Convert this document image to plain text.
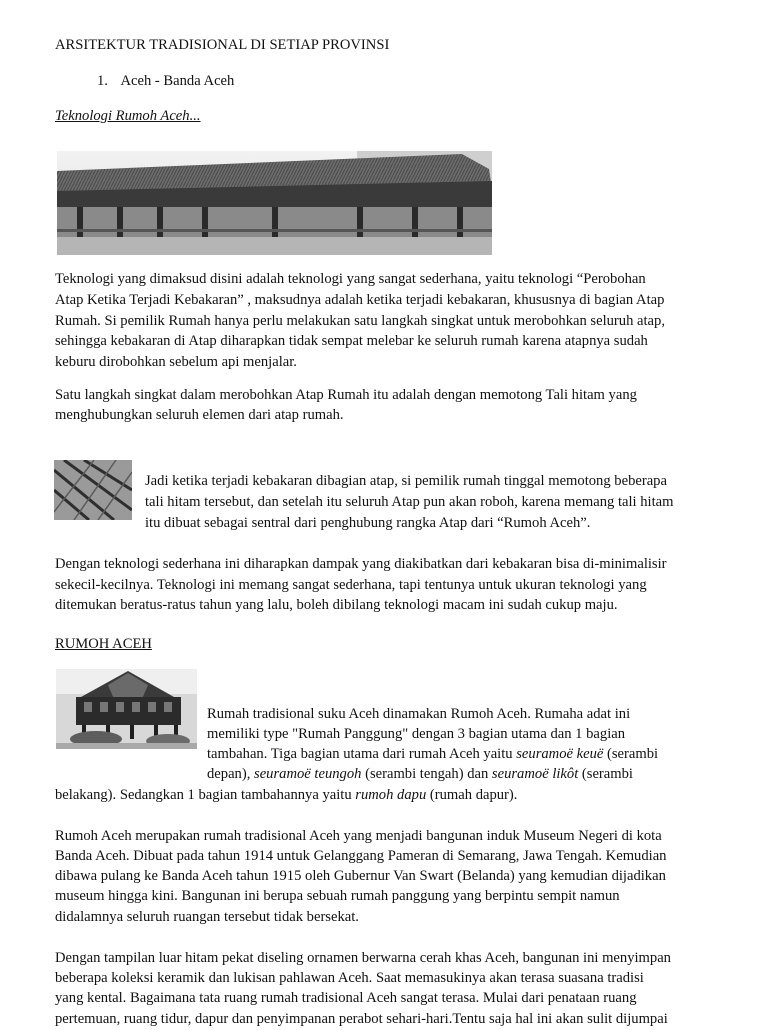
ARSITEKTUR TRADISIONAL DI SETIAP PROVINSI
1. Aceh - Banda Aceh
Teknologi Rumoh Aceh...
Teknologi yang dimaksud disini adalah teknologi yang sangat sederhana, yaitu teknologi “Perobohan
Atap Ketika Terjadi Kebakaran” , maksudnya adalah ketika terjadi kebakaran, khususnya di bagian Atap
Rumah. Si pemilik Rumah hanya perlu melakukan satu langkah singkat untuk merobohkan seluruh atap,
sehingga kebakaran di Atap diharapkan tidak sempat melebar ke seluruh rumah karena atapnya sudah
keburu dirobohkan sebelum api menjalar.
Satu langkah singkat dalam merobohkan Atap Rumah itu adalah dengan memotong Tali hitam yang
menghubungkan seluruh elemen dari atap rumah.
Jadi ketika terjadi kebakaran dibagian atap, si pemilik rumah tinggal memotong beberapa
tali hitam tersebut, dan setelah itu seluruh Atap pun akan roboh, karena memang tali hitam
itu dibuat sebagai sentral dari penghubung rangka Atap dari “Rumoh Aceh”.
Dengan teknologi sederhana ini diharapkan dampak yang diakibatkan dari kebakaran bisa di-minimalisir
sekecil-kecilnya. Teknologi ini memang sangat sederhana, tapi tentunya untuk ukuran teknologi yang
ditemukan beratus-ratus tahun yang lalu, boleh dibilang teknologi macam ini sudah cukup maju.
RUMOH ACEH
Rumah tradisional suku Aceh dinamakan Rumoh Aceh. Rumaha adat ini
memiliki type "Rumah Panggung" dengan 3 bagian utama dan 1 bagian
tambahan. Tiga bagian utama dari rumah Aceh yaitu seuramoë keuë (serambi
depan), seuramoë teungoh (serambi tengah) dan seuramoë likôt (serambi
belakang). Sedangkan 1 bagian tambahannya yaitu rumoh dapu (rumah dapur).
Rumoh Aceh merupakan rumah tradisional Aceh yang menjadi bangunan induk Museum Negeri di kota
Banda Aceh. Dibuat pada tahun 1914 untuk Gelanggang Pameran di Semarang, Jawa Tengah. Kemudian
dibawa pulang ke Banda Aceh tahun 1915 oleh Gubernur Van Swart (Belanda) yang kemudian dijadikan
museum hingga kini. Bangunan ini berupa sebuah rumah panggung yang berpintu sempit namun
didalamnya seluruh ruangan tersebut tidak bersekat.
Dengan tampilan luar hitam pekat diseling ornamen berwarna cerah khas Aceh, bangunan ini menyimpan
beberapa koleksi keramik dan lukisan pahlawan Aceh. Saat memasukinya akan terasa suasana tradisi
yang kental. Bagaimana tata ruang rumah tradisional Aceh sangat terasa. Mulai dari penataan ruang
pertemuan, ruang tidur, dapur dan penyimpanan perabot sehari-hari.Tentu saja hal ini akan sulit dijumpai
